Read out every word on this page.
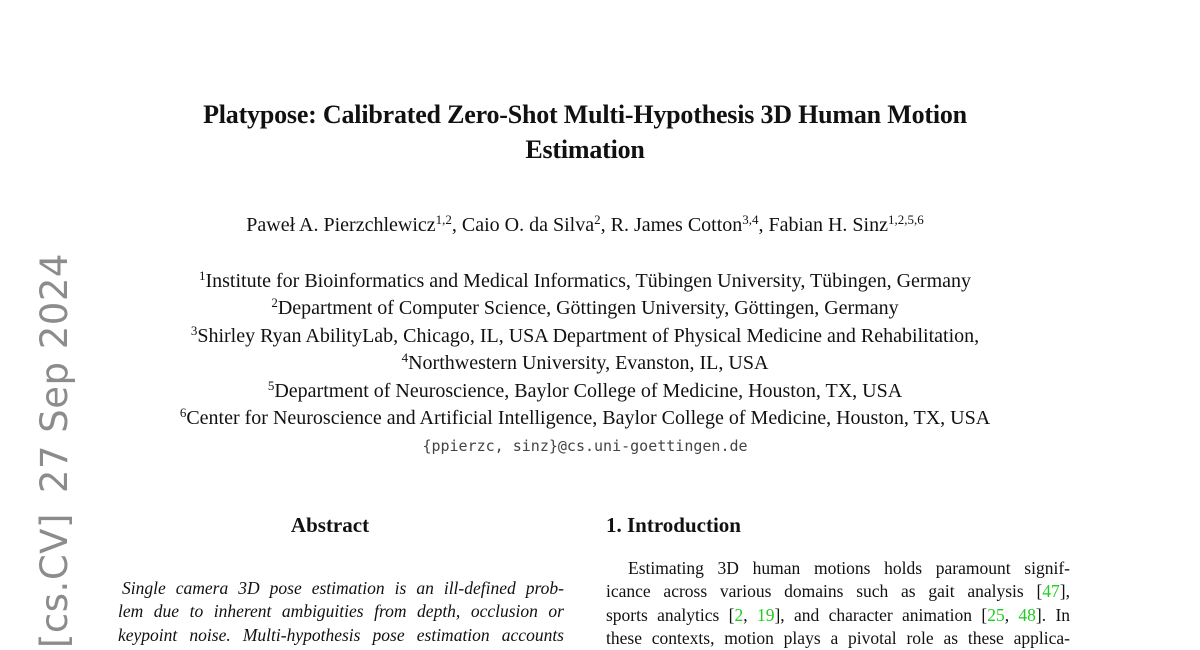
[cs.CV]27 Sep 2024
Platypose: Calibrated Zero-Shot Multi-Hypothesis 3D Human Motion
Estimation
Paweł A. Pierzchlewicz$^{1,2}$, Caio O. da Silva$^2$, R. James Cotton$^{3,4}$, Fabian H. Sinz$^{1,2,5,6}$
$^1$Institute for Bioinformatics and Medical Informatics, Tübingen University, Tübingen, Germany
$^2$Department of Computer Science, Göttingen University, Göttingen, Germany
$^3$Shirley Ryan AbilityLab, Chicago, IL, USA Department of Physical Medicine and Rehabilitation,
$^4$Northwestern University, Evanston, IL, USA
$^5$Department of Neuroscience, Baylor College of Medicine, Houston, TX, USA
$^6$Center for Neuroscience and Artificial Intelligence, Baylor College of Medicine, Houston, TX, USA
{ppierzc, sinz}@cs.uni-goettingen.de
Abstract
Single camera 3D pose estimation is an ill-defined prob-
lem due to inherent ambiguities from depth, occlusion or
keypoint noise. Multi-hypothesis pose estimation accounts
1. Introduction
Estimating 3D human motions holds paramount signif-
icance across various domains such as gait analysis [47],
sports analytics [2, 19], and character animation [25, 48]. In
these contexts, motion plays a pivotal role as these applica-
